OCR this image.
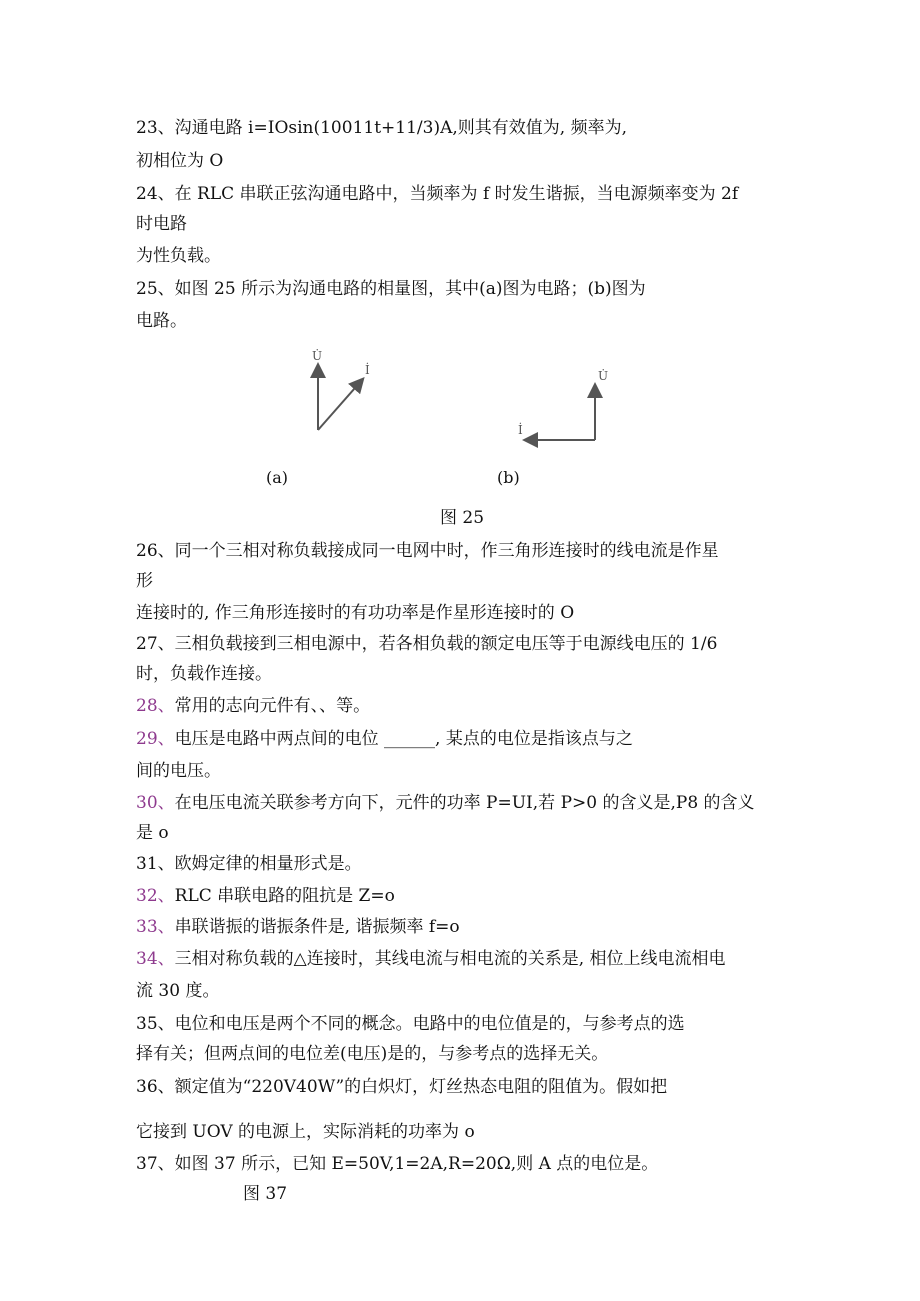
23、沟通电路 i=IOsin(10011t+11/3)A,则其有效值为, 频率为,
初相位为 O
24、在 RLC 串联正弦沟通电路中，当频率为 f 时发生谐振，当电源频率变为 2f
时电路
为性负载。
25、如图 25 所示为沟通电路的相量图，其中(a)图为电路；(b)图为
电路。
U̇
İ	U̇
İ
(a)	(b)
图 25
26、同一个三相对称负载接成同一电网中时，作三角形连接时的线电流是作星
形
连接时的, 作三角形连接时的有功功率是作星形连接时的 O
27、三相负载接到三相电源中，若各相负载的额定电压等于电源线电压的 1/6
时，负载作连接。
28、常用的志向元件有、、等。
29、电压是电路中两点间的电位 ______, 某点的电位是指该点与之
间的电压。
30、在电压电流关联参考方向下，元件的功率 P=UI,若 P>0 的含义是,P8 的含义
是 o
31、欧姆定律的相量形式是。
32、RLC 串联电路的阻抗是 Z=o
33、串联谐振的谐振条件是, 谐振频率 f=o
34、三相对称负载的△连接时，其线电流与相电流的关系是, 相位上线电流相电
流 30 度。
35、电位和电压是两个不同的概念。电路中的电位值是的，与参考点的选
择有关；但两点间的电位差(电压)是的，与参考点的选择无关。
36、额定值为“220V40W”的白炽灯，灯丝热态电阻的阻值为。假如把
它接到 UOV 的电源上，实际消耗的功率为 o
37、如图 37 所示，已知 E=50V,1=2A,R=20Ω,则 A 点的电位是。
图 37
